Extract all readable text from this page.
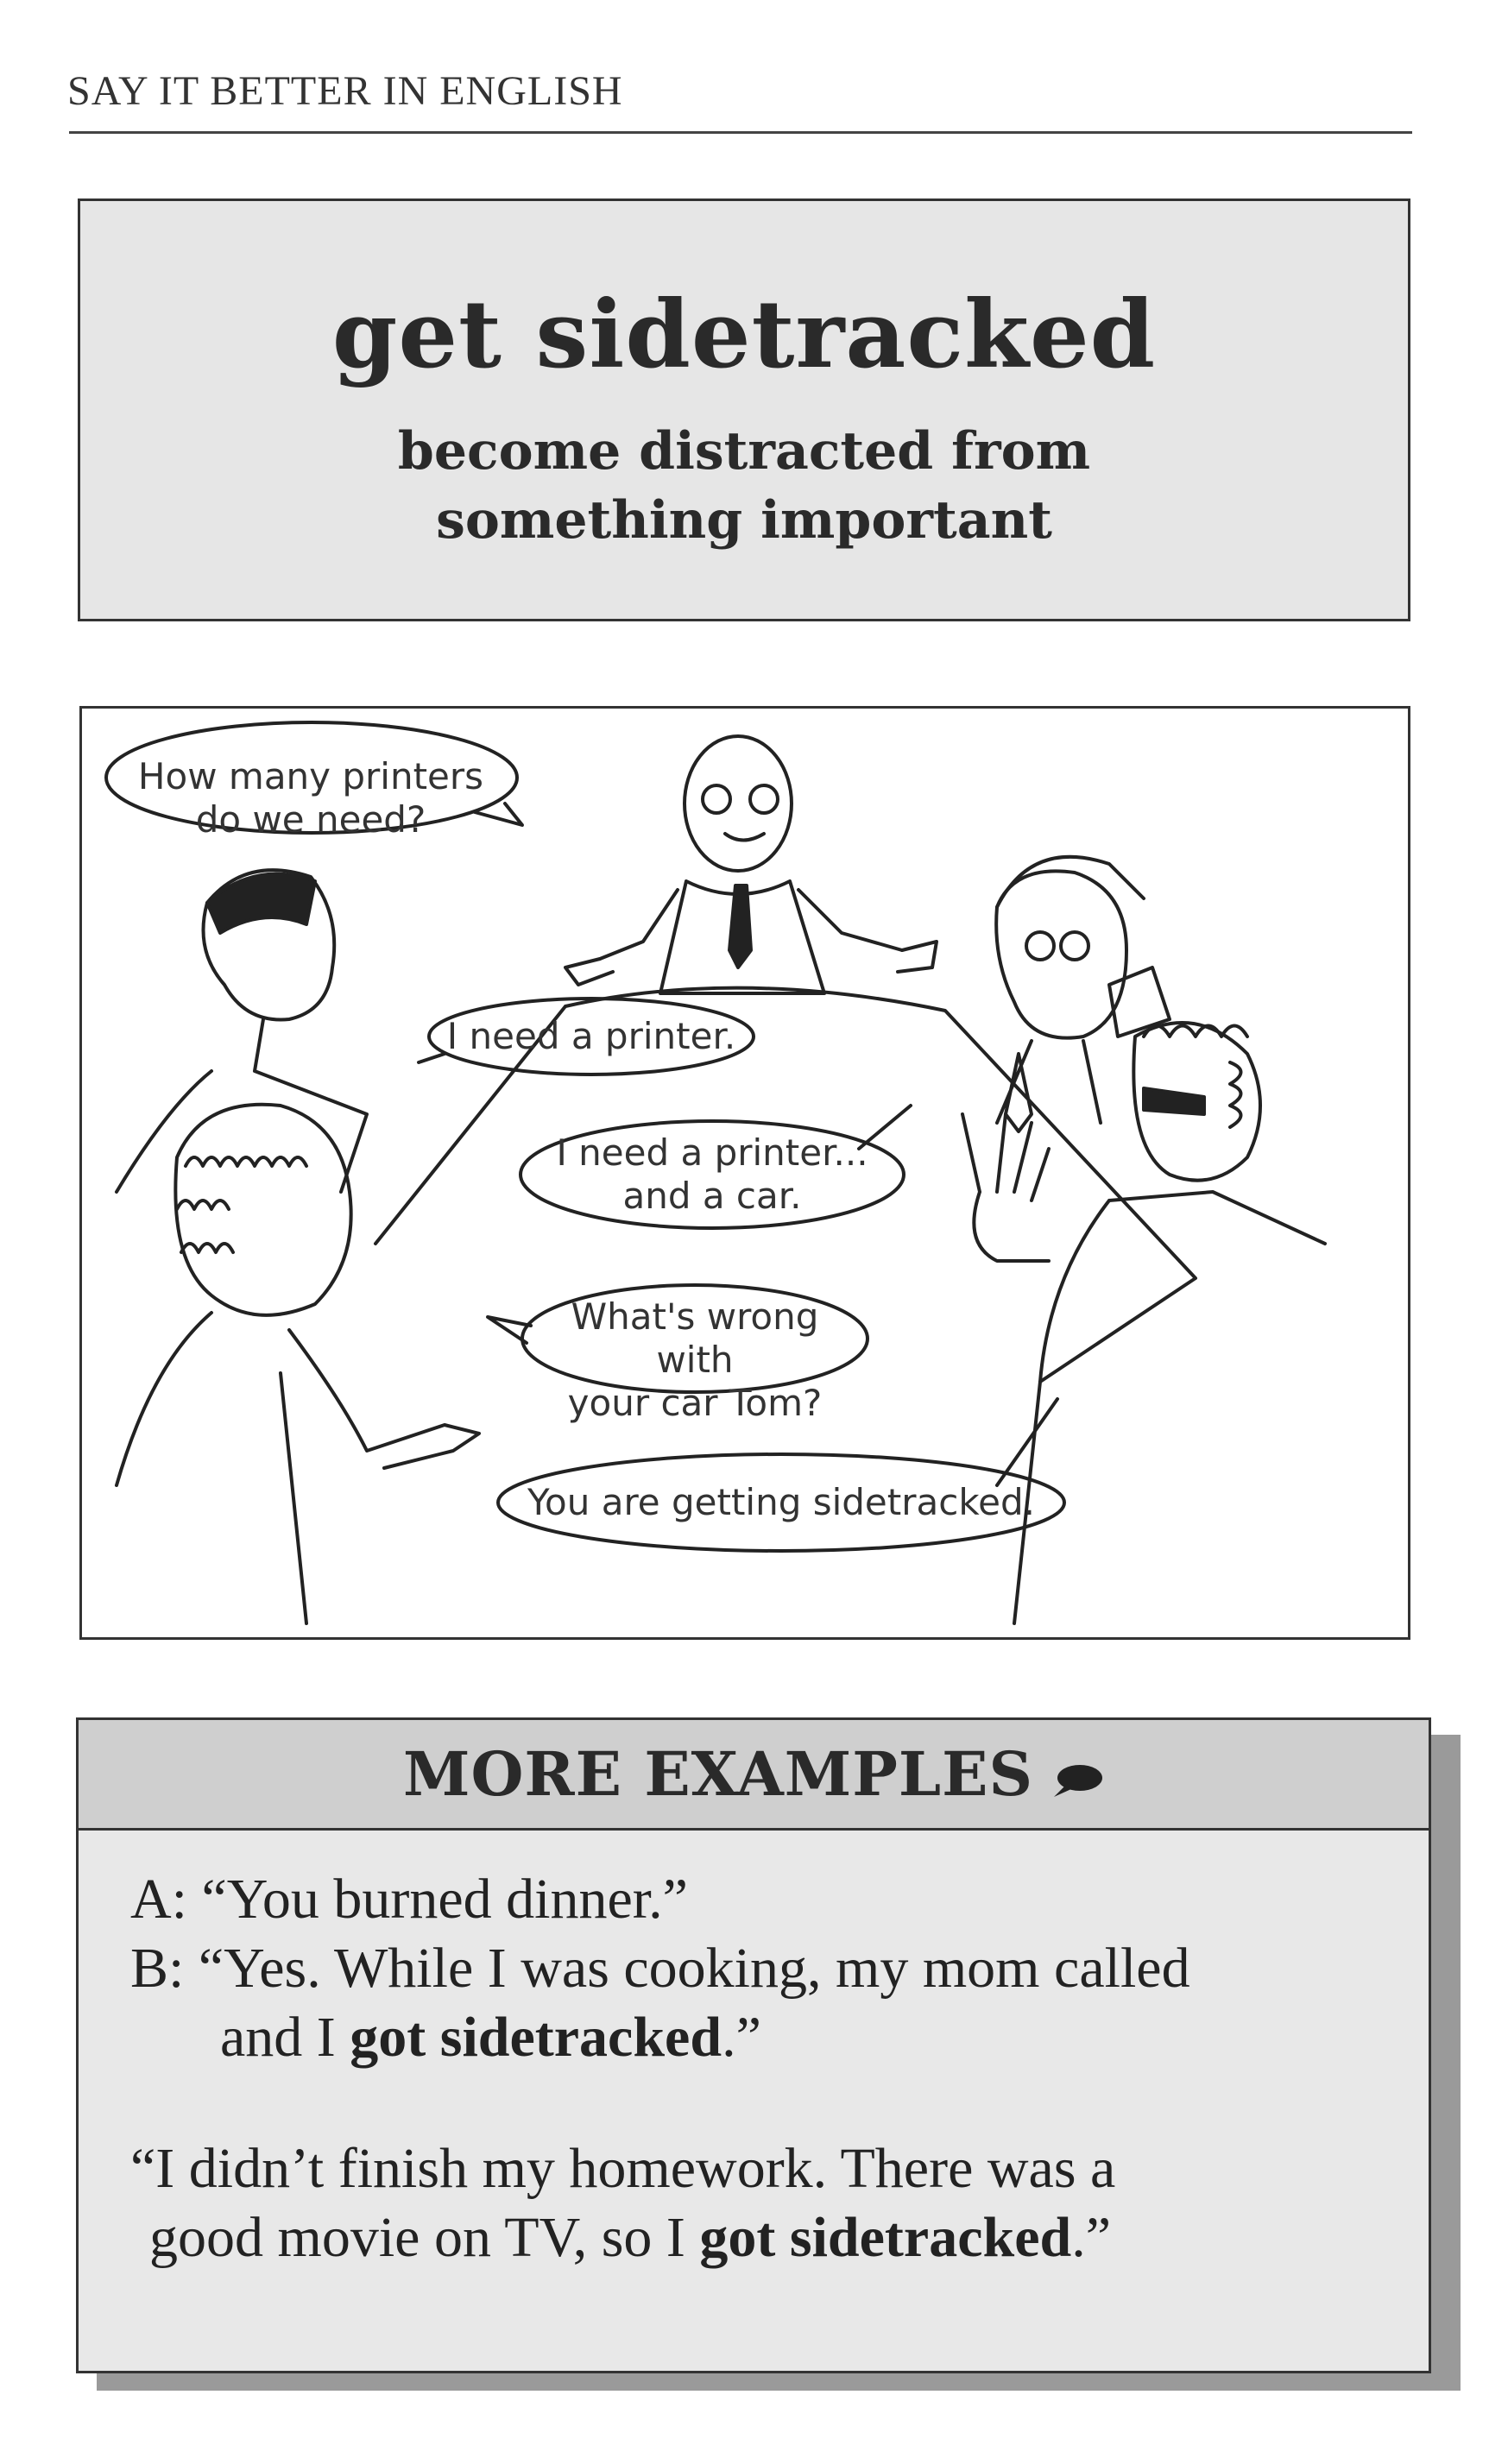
SAY IT BETTER IN ENGLISH
get sidetracked
become distracted from
something important
How many printers
do we need?
I need a printer.
I need a printer...
and a car.
What's wrong with
your car Tom?
You are getting sidetracked.
MORE EXAMPLES
A: “You burned dinner.”
B: “Yes. While I was cooking, my mom called
and I got sidetracked.”
“I didn’t finish my homework. There was a
good movie on TV, so I got sidetracked.”
